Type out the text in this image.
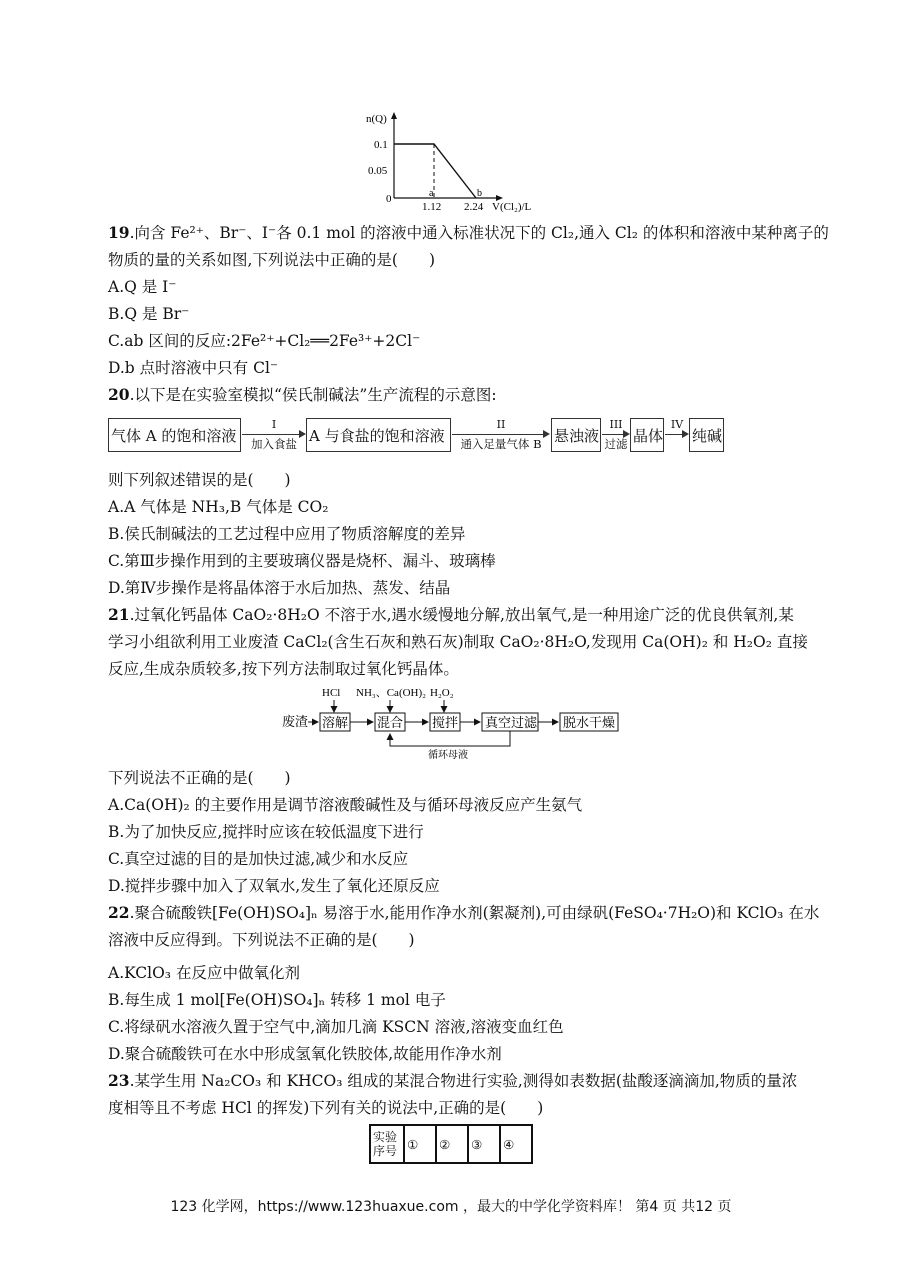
n(Q)
0.1
0.05
0	a	b
1.12 2.24 V(Cl₂)/L
19.向含 Fe²⁺、Br⁻、I⁻各 0.1 mol 的溶液中通入标准状况下的 Cl₂,通入 Cl₂ 的体积和溶液中某种离子的
物质的量的关系如图,下列说法中正确的是(　　)
A.Q 是 I⁻
B.Q 是 Br⁻
C.ab 区间的反应:2Fe²⁺+Cl₂══2Fe³⁺+2Cl⁻
D.b 点时溶液中只有 Cl⁻
20.以下是在实验室模拟“侯氏制碱法”生产流程的示意图:
气体 A 的饱和溶液
I
加入食盐 A 与食盐的饱和溶液
II
通入足量气体 B 悬浊液
III
过滤 晶体
IV
纯碱
则下列叙述错误的是(　　)
A.A 气体是 NH₃,B 气体是 CO₂
B.侯氏制碱法的工艺过程中应用了物质溶解度的差异
C.第Ⅲ步操作用到的主要玻璃仪器是烧杯、漏斗、玻璃棒
D.第Ⅳ步操作是将晶体溶于水后加热、蒸发、结晶
21.过氧化钙晶体 CaO₂·8H₂O 不溶于水,遇水缓慢地分解,放出氧气,是一种用途广泛的优良供氧剂,某
学习小组欲利用工业废渣 CaCl₂(含生石灰和熟石灰)制取 CaO₂·8H₂O,发现用 Ca(OH)₂ 和 H₂O₂ 直接
反应,生成杂质较多,按下列方法制取过氧化钙晶体。
HCl NH₃、Ca(OH)₂ H₂O₂
废渣 溶解 混合 搅拌 真空过滤 脱水干燥
循环母液
下列说法不正确的是(　　)
A.Ca(OH)₂ 的主要作用是调节溶液酸碱性及与循环母液反应产生氨气
B.为了加快反应,搅拌时应该在较低温度下进行
C.真空过滤的目的是加快过滤,减少和水反应
D.搅拌步骤中加入了双氧水,发生了氧化还原反应
22.聚合硫酸铁[Fe(OH)SO₄]ₙ 易溶于水,能用作净水剂(絮凝剂),可由绿矾(FeSO₄·7H₂O)和 KClO₃ 在水
溶液中反应得到。下列说法不正确的是(　　)
A.KClO₃ 在反应中做氧化剂
B.每生成 1 mol[Fe(OH)SO₄]ₙ 转移 1 mol 电子
C.将绿矾水溶液久置于空气中,滴加几滴 KSCN 溶液,溶液变血红色
D.聚合硫酸铁可在水中形成氢氧化铁胶体,故能用作净水剂
23.某学生用 Na₂CO₃ 和 KHCO₃ 组成的某混合物进行实验,测得如表数据(盐酸逐滴滴加,物质的量浓
度相等且不考虑 HCl 的挥发)下列有关的说法中,正确的是(　　)
实验序号	①	②	③	④
123 化学网，https://www.123huaxue.com ，最大的中学化学资料库！ 第4 页 共12 页
